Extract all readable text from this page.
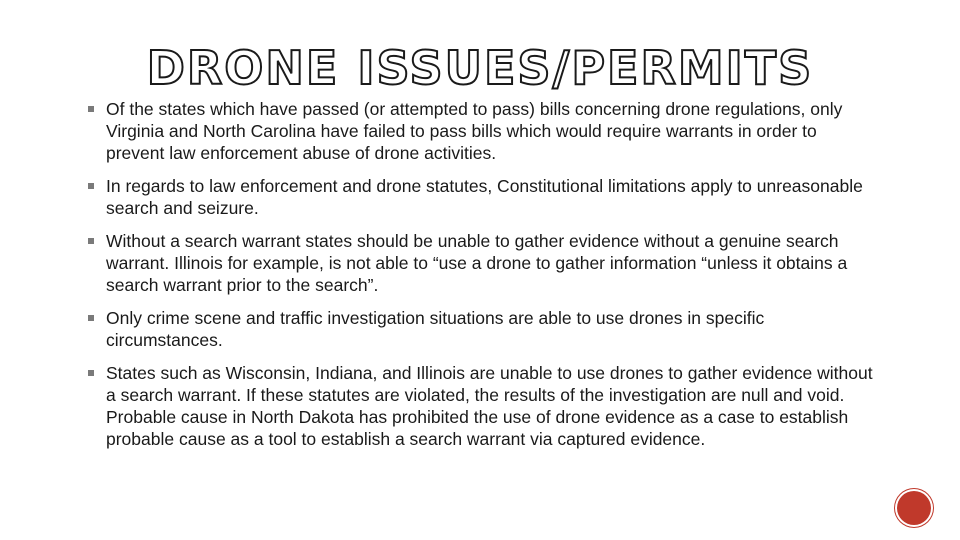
DRONE ISSUES/PERMITS
Of the states which have passed (or attempted to pass) bills concerning drone regulations, only Virginia and North Carolina have failed to pass bills which would require warrants in order to prevent law enforcement abuse of drone activities.
In regards to law enforcement and drone statutes, Constitutional limitations apply to unreasonable search and seizure.
Without a search warrant states should be unable to gather evidence without a genuine search warrant. Illinois for example, is not able to “use a drone to gather information “unless it obtains a search warrant prior to the search”.
Only crime scene and traffic investigation situations are able to use drones in specific circumstances.
States such as Wisconsin, Indiana, and Illinois are unable to use drones to gather evidence without a search warrant. If these statutes are violated, the results of the investigation are null and void. Probable cause in North Dakota has prohibited the use of drone evidence as a case to establish probable cause as a tool to establish a search warrant via captured evidence.
